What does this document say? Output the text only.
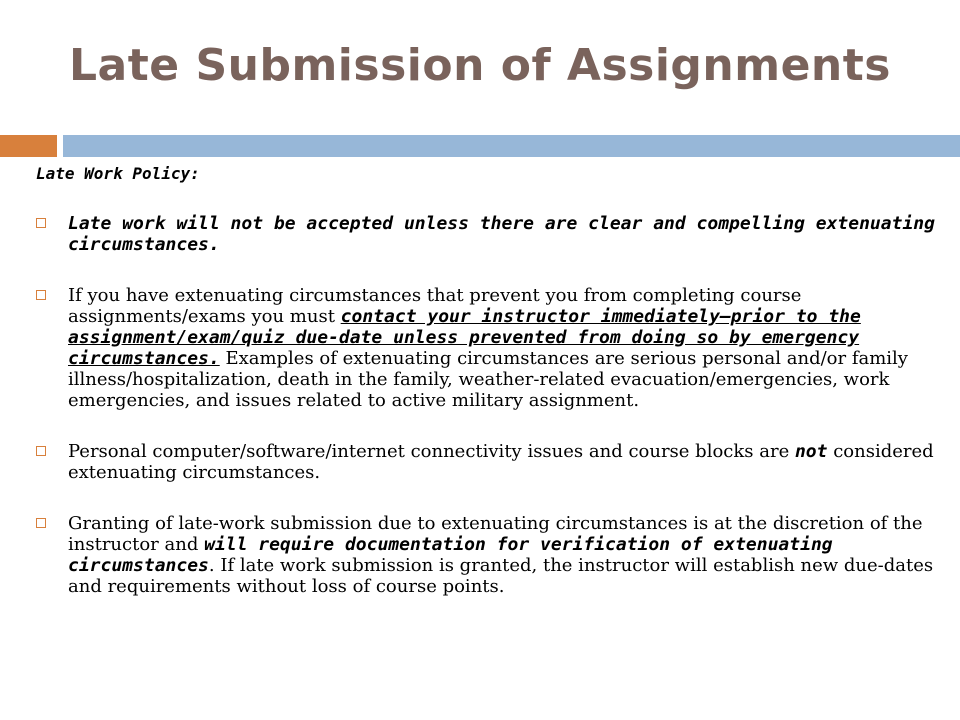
Late Submission of Assignments
Late Work Policy:
Late work will not be accepted unless there are clear and compelling extenuating circumstances.
If you have extenuating circumstances that prevent you from completing course assignments/exams you must contact your instructor immediately—prior to the assignment/exam/quiz due-date unless prevented from doing so by emergency circumstances. Examples of extenuating circumstances are serious personal and/or family illness/hospitalization, death in the family, weather-related evacuation/emergencies, work emergencies, and issues related to active military assignment.
Personal computer/software/internet connectivity issues and course blocks are not considered extenuating circumstances.
Granting of late-work submission due to extenuating circumstances is at the discretion of the instructor and will require documentation for verification of extenuating circumstances. If late work submission is granted, the instructor will establish new due-dates and requirements without loss of course points.
